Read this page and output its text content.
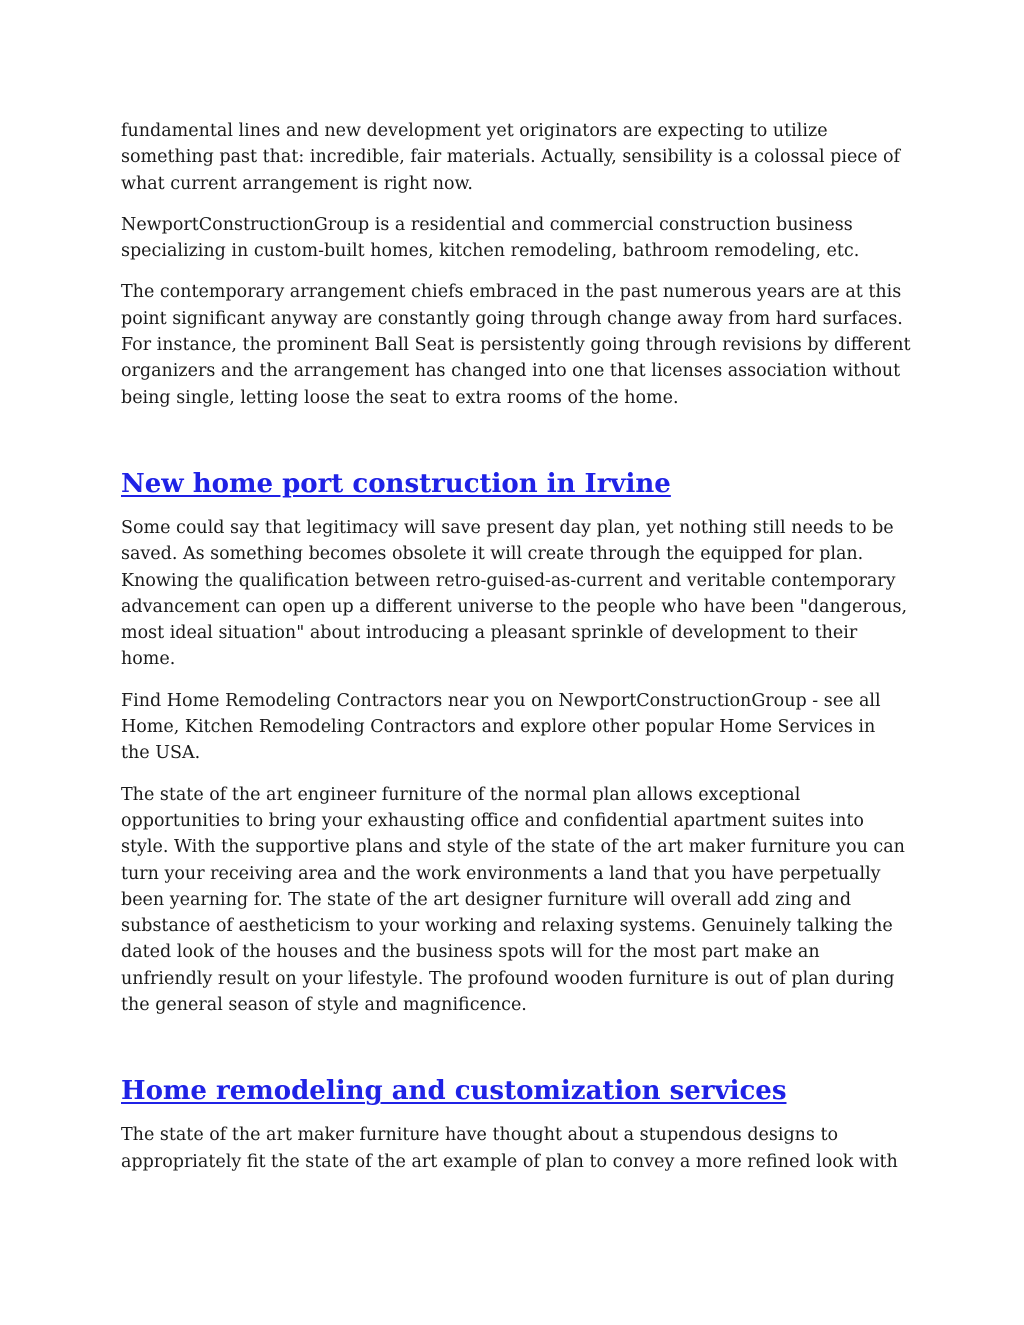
fundamental lines and new development yet originators are expecting to utilize
something past that: incredible, fair materials. Actually, sensibility is a colossal piece of
what current arrangement is right now.

NewportConstructionGroup is a residential and commercial construction business
specializing in custom-built homes, kitchen remodeling, bathroom remodeling, etc.

The contemporary arrangement chiefs embraced in the past numerous years are at this
point significant anyway are constantly going through change away from hard surfaces.
For instance, the prominent Ball Seat is persistently going through revisions by different
organizers and the arrangement has changed into one that licenses association without
being single, letting loose the seat to extra rooms of the home.

New home port construction in Irvine

Some could say that legitimacy will save present day plan, yet nothing still needs to be
saved. As something becomes obsolete it will create through the equipped for plan.
Knowing the qualification between retro-guised-as-current and veritable contemporary
advancement can open up a different universe to the people who have been "dangerous,
most ideal situation" about introducing a pleasant sprinkle of development to their
home.

Find Home Remodeling Contractors near you on NewportConstructionGroup - see all
Home, Kitchen Remodeling Contractors and explore other popular Home Services in
the USA.

The state of the art engineer furniture of the normal plan allows exceptional
opportunities to bring your exhausting office and confidential apartment suites into
style. With the supportive plans and style of the state of the art maker furniture you can
turn your receiving area and the work environments a land that you have perpetually
been yearning for. The state of the art designer furniture will overall add zing and
substance of aestheticism to your working and relaxing systems. Genuinely talking the
dated look of the houses and the business spots will for the most part make an
unfriendly result on your lifestyle. The profound wooden furniture is out of plan during
the general season of style and magnificence.

Home remodeling and customization services

The state of the art maker furniture have thought about a stupendous designs to
appropriately fit the state of the art example of plan to convey a more refined look with
